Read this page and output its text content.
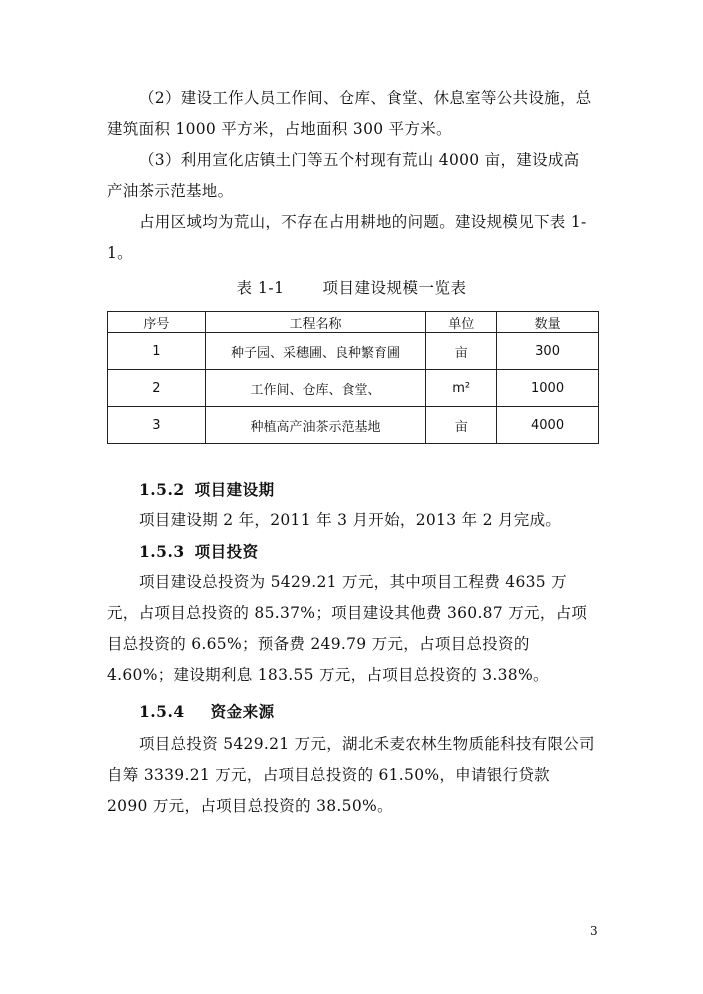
（2）建设工作人员工作间、仓库、食堂、休息室等公共设施，总建筑面积 1000 平方米，占地面积 300 平方米。

（3）利用宣化店镇土门等五个村现有荒山 4000 亩，建设成高产油茶示范基地。

占用区域均为荒山，不存在占用耕地的问题。建设规模见下表 1-1。

表 1-1 项目建设规模一览表
序号	工程名称	单位	数量
1	种子园、采穗圃、良种繁育圃	亩	300
2	工作间、仓库、食堂、	m²	1000
3	种植高产油茶示范基地	亩	4000
1.5.2 项目建设期

项目建设期 2 年，2011 年 3 月开始，2013 年 2 月完成。

1.5.3 项目投资

项目建设总投资为 5429.21 万元，其中项目工程费 4635 万元，占项目总投资的 85.37%；项目建设其他费 360.87 万元，占项目总投资的 6.65%；预备费 249.79 万元，占项目总投资的 4.60%；建设期利息 183.55 万元，占项目总投资的 3.38%。

1.5.4 资金来源

项目总投资 5429.21 万元，湖北禾麦农林生物质能科技有限公司自筹 3339.21 万元，占项目总投资的 61.50%，申请银行贷款 2090 万元，占项目总投资的 38.50%。

3
